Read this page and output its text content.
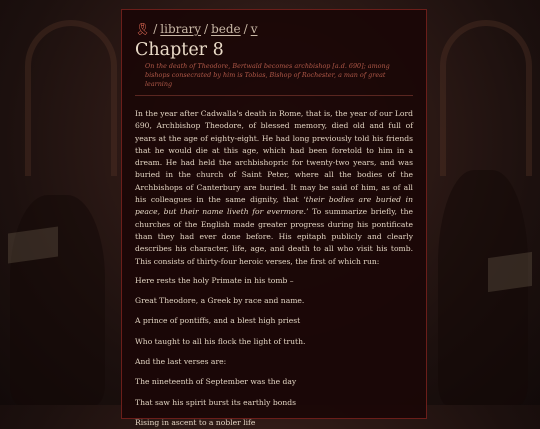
🎗 / library / bede / v
Chapter 8
On the death of Theodore, Bertwald becomes archbishop [a.d. 690]; among bishops consecrated by him is Tobias, Bishop of Rochester, a man of great learning

In the year after Cadwalla's death in Rome, that is, the year of our Lord 690, Archbishop Theodore, of blessed memory, died old and full of years at the age of eighty-eight. He had long previously told his friends that he would die at this age, which had been foretold to him in a dream. He had held the archbishopric for twenty-two years, and was buried in the church of Saint Peter, where all the bodies of the Archbishops of Canterbury are buried. It may be said of him, as of all his colleagues in the same dignity, that ‘their bodies are buried in peace, but their name liveth for evermore.’ To summarize briefly, the churches of the English made greater progress during his pontificate than they had ever done before. His epitaph publicly and clearly describes his character, life, age, and death to all who visit his tomb. This consists of thirty-four heroic verses, the first of which run:

Here rests the holy Primate in his tomb –

Great Theodore, a Greek by race and name.

A prince of pontiffs, and a blest high priest

Who taught to all his flock the light of truth.

And the last verses are:

The nineteenth of September was the day

That saw his spirit burst its earthly bonds

Rising in ascent to a nobler life
